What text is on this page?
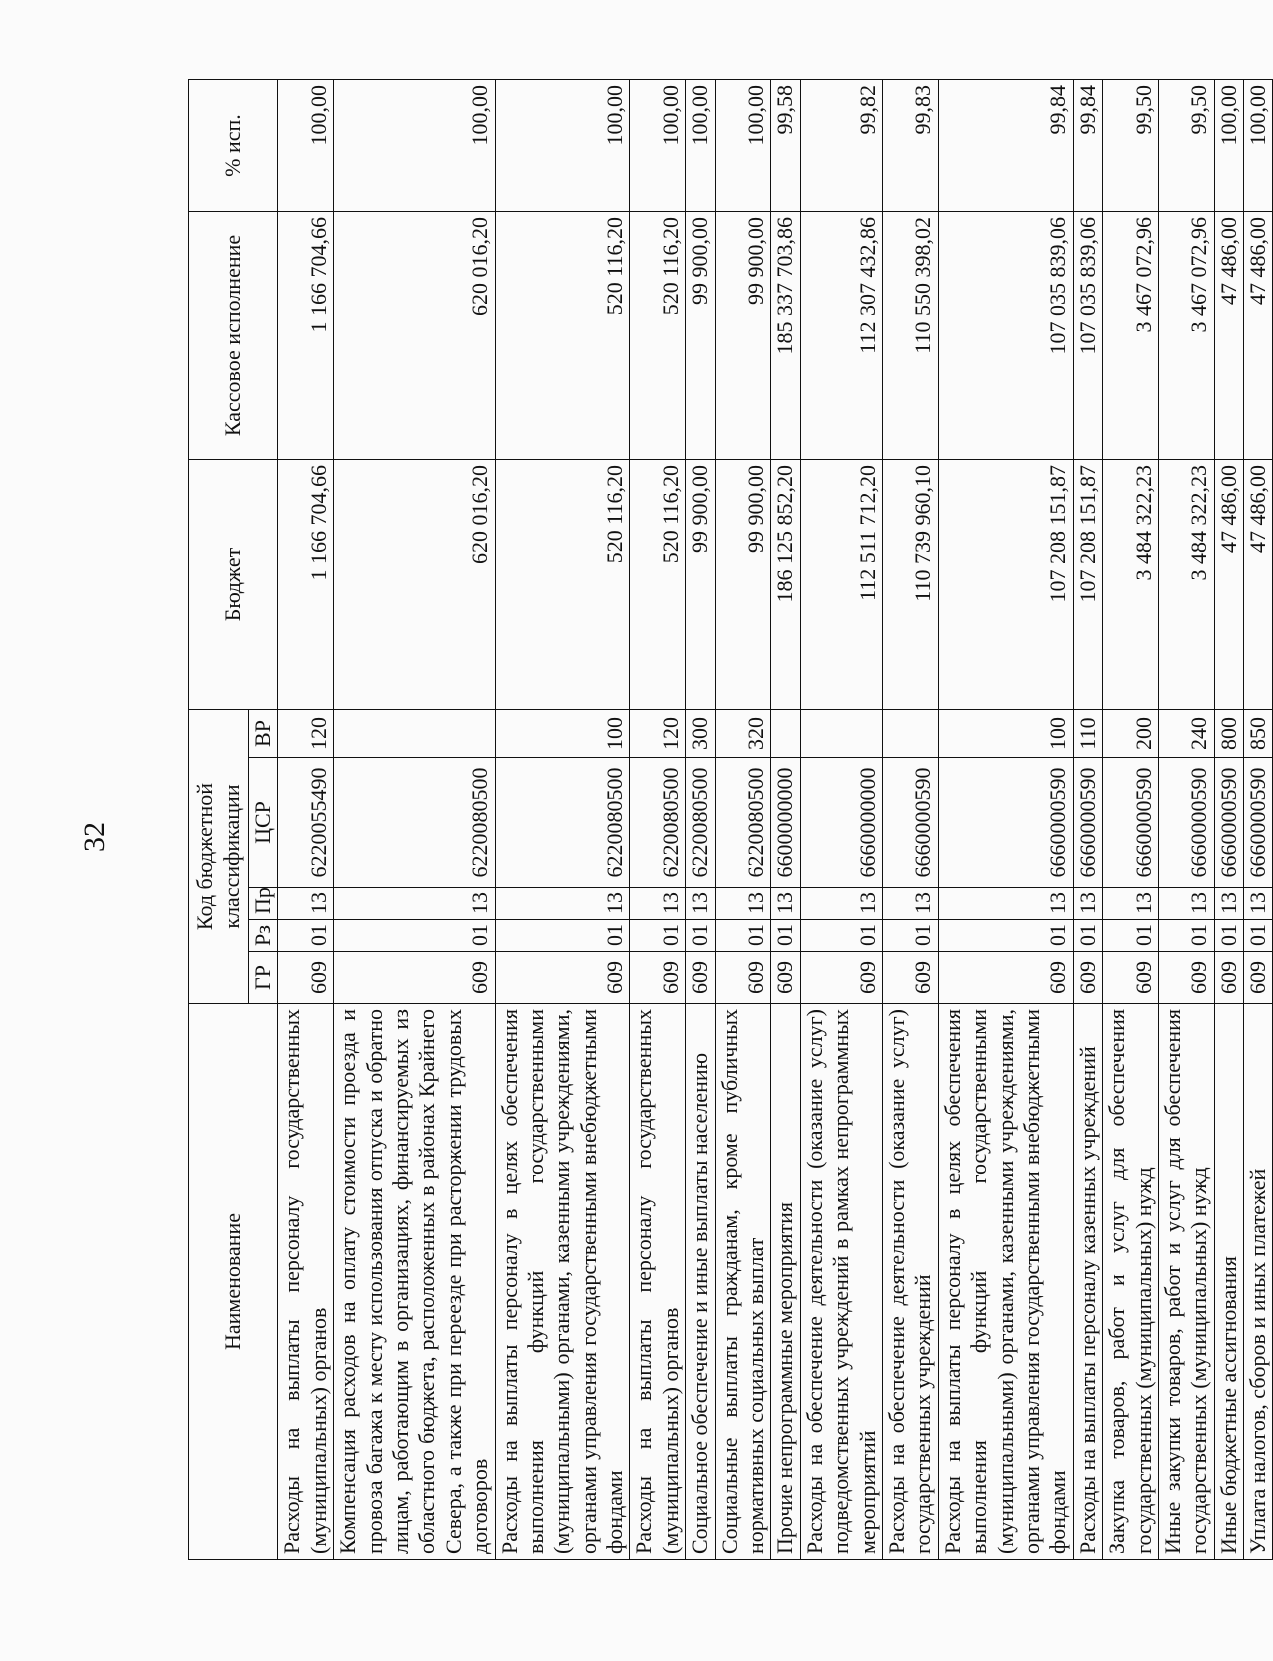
32
Наименование	Код бюджетной классификации					Бюджет	Кассовое исполнение	% исп.
	ГР	Рз	Пр	ЦСР	ВР			
Расходы на выплаты персоналу государственных (муниципальных) органов	609	01	13	6220055490	120	1 166 704,66	1 166 704,66	100,00
Компенсация расходов на оплату стоимости проезда и провоза багажа к месту использования отпуска и обратно лицам, работающим в организациях, финансируемых из областного бюджета, расположенных в районах Крайнего Севера, а также при переезде при расторжении трудовых договоров	609	01	13	6220080500		620 016,20	620 016,20	100,00
Расходы на выплаты персоналу в целях обеспечения выполнения функций государственными (муниципальными) органами, казенными учреждениями, органами управления государственными внебюджетными фондами	609	01	13	6220080500	100	520 116,20	520 116,20	100,00
Расходы на выплаты персоналу государственных (муниципальных) органов	609	01	13	6220080500	120	520 116,20	520 116,20	100,00
Социальное обеспечение и иные выплаты населению	609	01	13	6220080500	300	99 900,00	99 900,00	100,00
Социальные выплаты гражданам, кроме публичных нормативных социальных выплат	609	01	13	6220080500	320	99 900,00	99 900,00	100,00
Прочие непрограммные мероприятия	609	01	13	6600000000		186 125 852,20	185 337 703,86	99,58
Расходы на обеспечение деятельности (оказание услуг) подведомственных учреждений в рамках непрограммных мероприятий	609	01	13	6660000000		112 511 712,20	112 307 432,86	99,82
Расходы на обеспечение деятельности (оказание услуг) государственных учреждений	609	01	13	6660000590		110 739 960,10	110 550 398,02	99,83
Расходы на выплаты персоналу в целях обеспечения выполнения функций государственными (муниципальными) органами, казенными учреждениями, органами управления государственными внебюджетными фондами	609	01	13	6660000590	100	107 208 151,87	107 035 839,06	99,84
Расходы на выплаты персоналу казенных учреждений	609	01	13	6660000590	110	107 208 151,87	107 035 839,06	99,84
Закупка товаров, работ и услуг для обеспечения государственных (муниципальных) нужд	609	01	13	6660000590	200	3 484 322,23	3 467 072,96	99,50
Иные закупки товаров, работ и услуг для обеспечения государственных (муниципальных) нужд	609	01	13	6660000590	240	3 484 322,23	3 467 072,96	99,50
Иные бюджетные ассигнования	609	01	13	6660000590	800	47 486,00	47 486,00	100,00
Уплата налогов, сборов и иных платежей	609	01	13	6660000590	850	47 486,00	47 486,00	100,00
